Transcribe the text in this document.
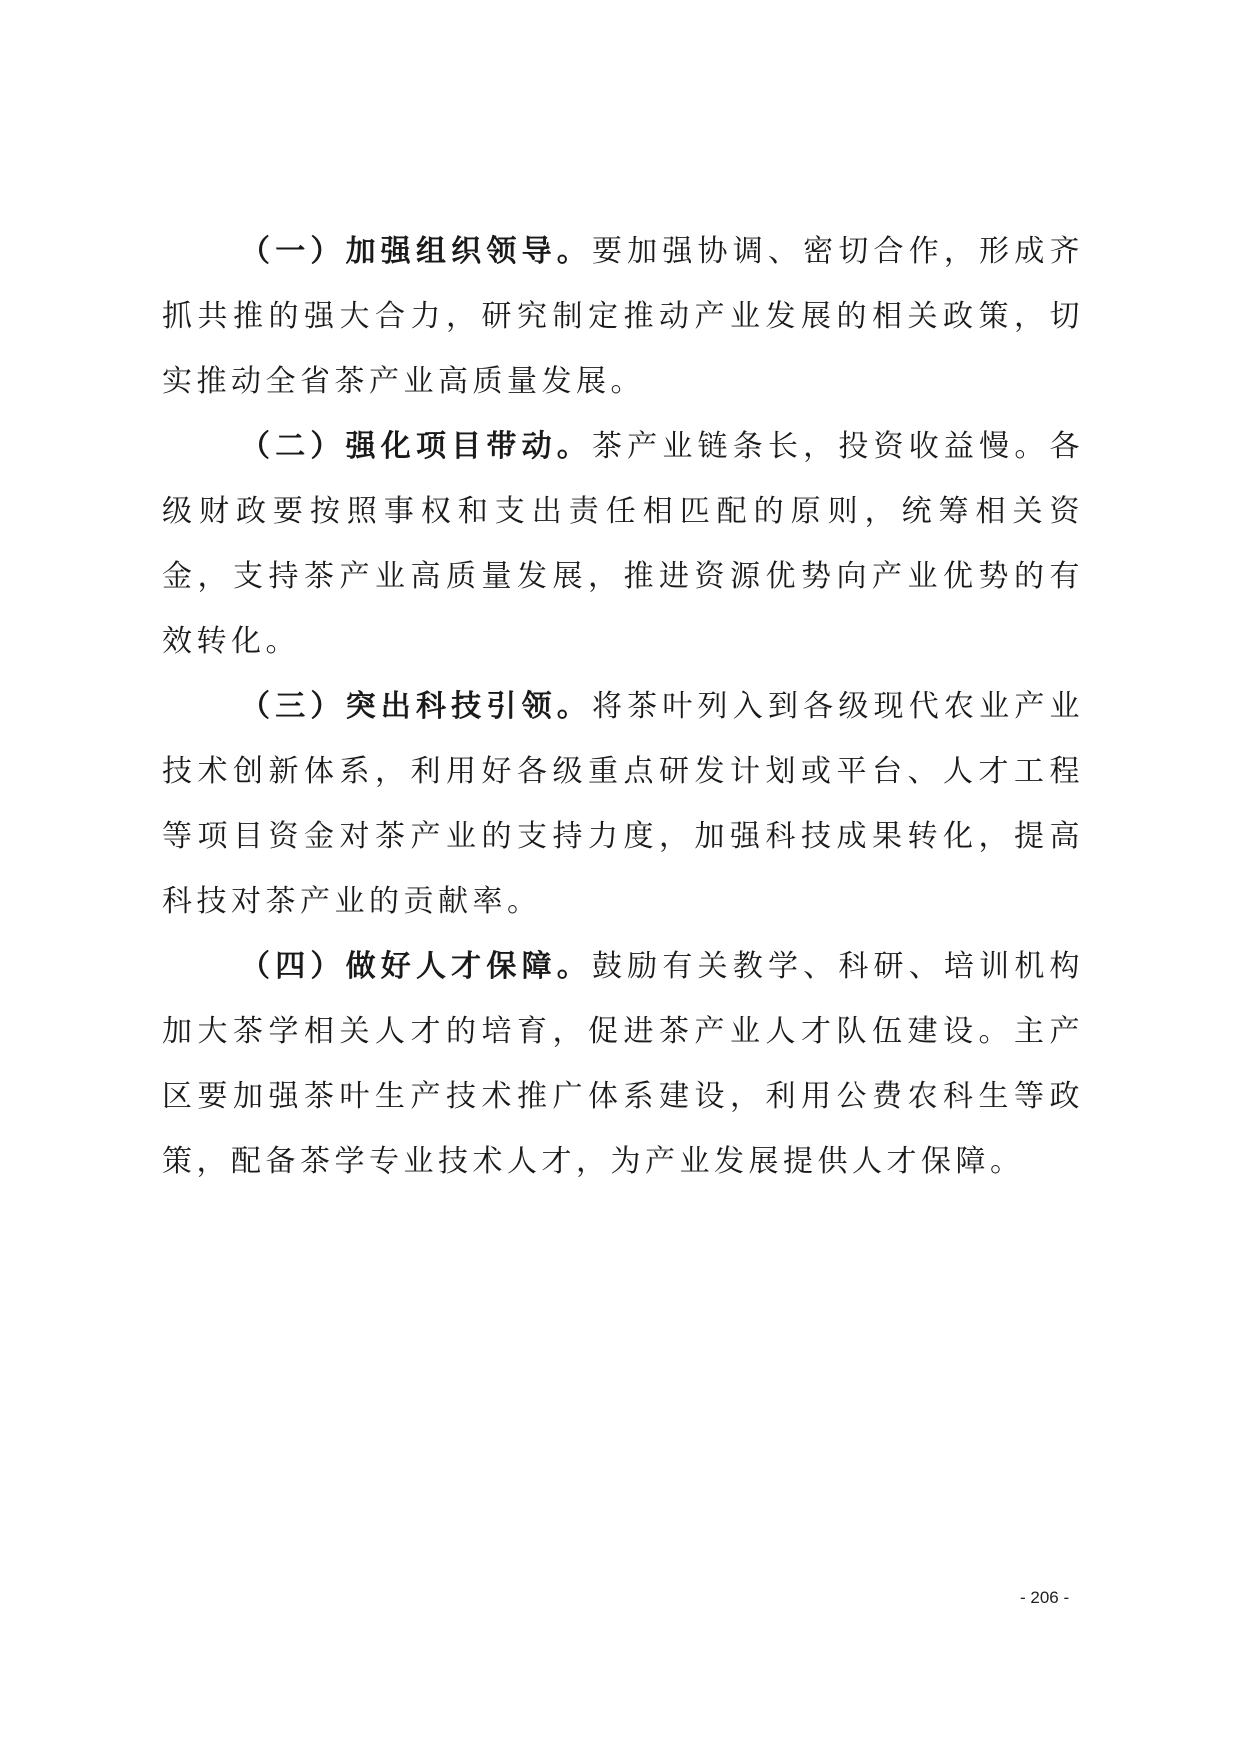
（一）加强组织领导。要加强协调、密切合作，形成齐抓共推的强大合力，研究制定推动产业发展的相关政策，切实推动全省茶产业高质量发展。

（二）强化项目带动。茶产业链条长，投资收益慢。各级财政要按照事权和支出责任相匹配的原则，统筹相关资金，支持茶产业高质量发展，推进资源优势向产业优势的有效转化。

（三）突出科技引领。将茶叶列入到各级现代农业产业技术创新体系，利用好各级重点研发计划或平台、人才工程等项目资金对茶产业的支持力度，加强科技成果转化，提高科技对茶产业的贡献率。

（四）做好人才保障。鼓励有关教学、科研、培训机构加大茶学相关人才的培育，促进茶产业人才队伍建设。主产区要加强茶叶生产技术推广体系建设，利用公费农科生等政策，配备茶学专业技术人才，为产业发展提供人才保障。

- 206 -
